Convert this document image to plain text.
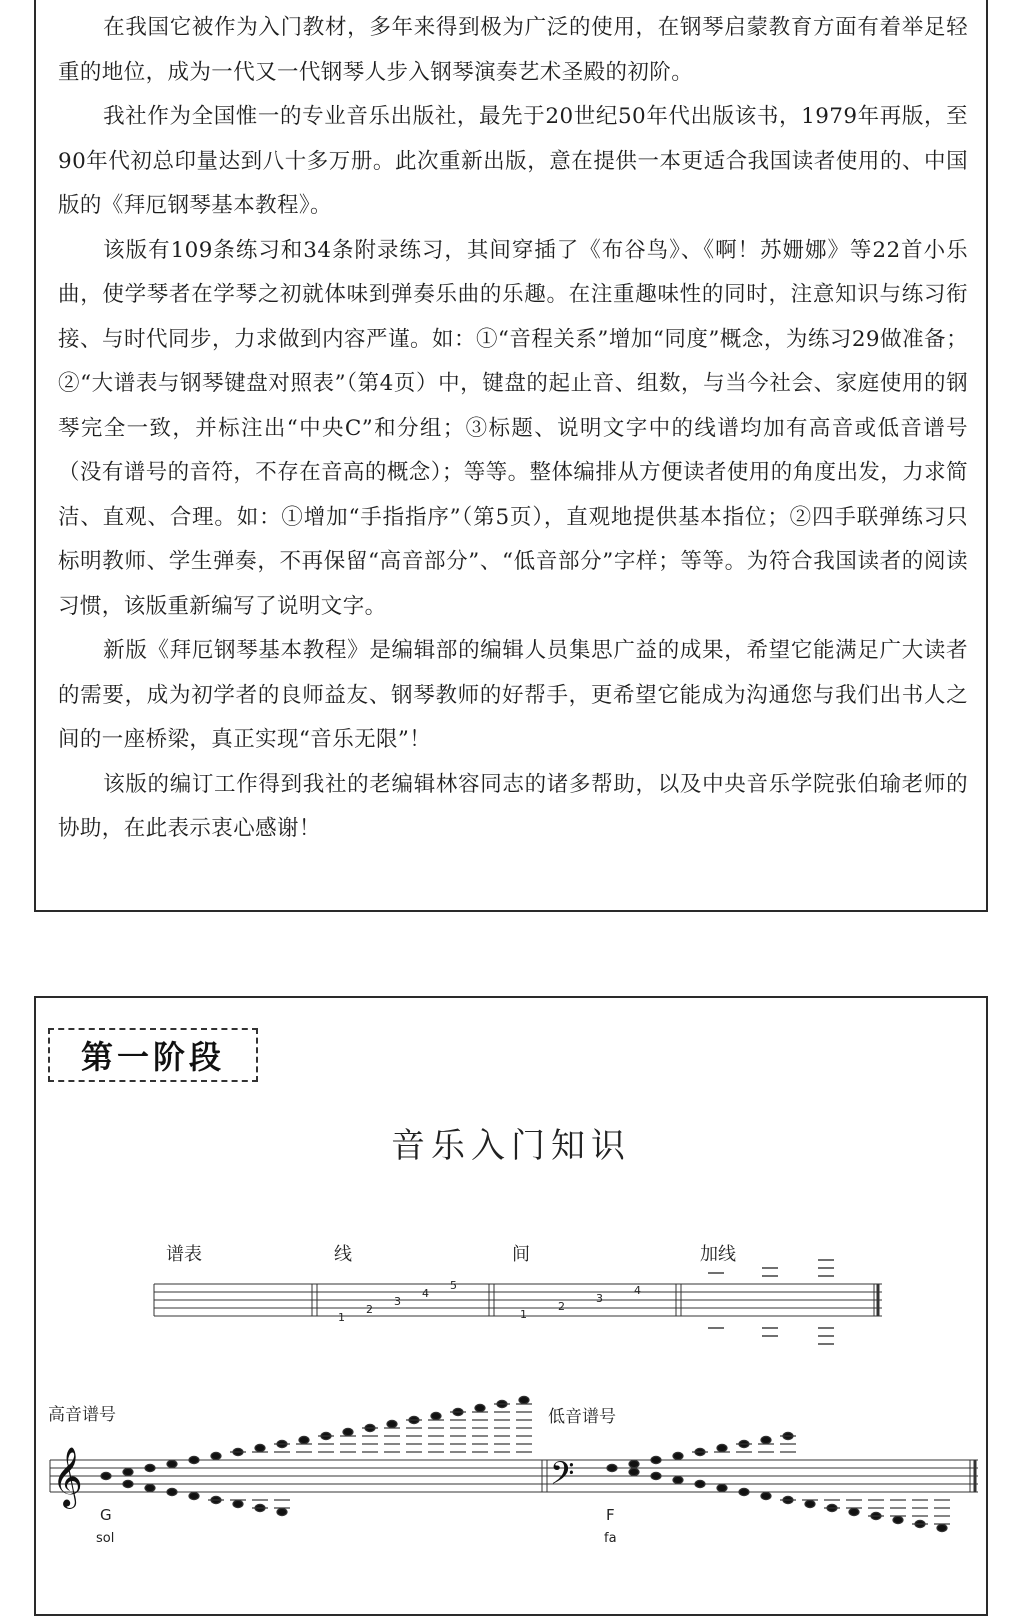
在我国它被作为入门教材，多年来得到极为广泛的使用，在钢琴启蒙教育方面有着举足轻重的地位，成为一代又一代钢琴人步入钢琴演奏艺术圣殿的初阶。

我社作为全国惟一的专业音乐出版社，最先于20世纪50年代出版该书，1979年再版，至90年代初总印量达到八十多万册。此次重新出版，意在提供一本更适合我国读者使用的、中国版的《拜厄钢琴基本教程》。

该版有109条练习和34条附录练习，其间穿插了《布谷鸟》、《啊！苏姗娜》等22首小乐曲，使学琴者在学琴之初就体味到弹奏乐曲的乐趣。在注重趣味性的同时，注意知识与练习衔接、与时代同步，力求做到内容严谨。如：①“音程关系”增加“同度”概念，为练习29做准备；②“大谱表与钢琴键盘对照表”（第4页）中，键盘的起止音、组数，与当今社会、家庭使用的钢琴完全一致，并标注出“中央C”和分组；③标题、说明文字中的线谱均加有高音或低音谱号（没有谱号的音符，不存在音高的概念）；等等。整体编排从方便读者使用的角度出发，力求简洁、直观、合理。如：①增加“手指指序”（第5页），直观地提供基本指位；②四手联弹练习只标明教师、学生弹奏，不再保留“高音部分”、“低音部分”字样；等等。为符合我国读者的阅读习惯，该版重新编写了说明文字。

新版《拜厄钢琴基本教程》是编辑部的编辑人员集思广益的成果，希望它能满足广大读者的需要，成为初学者的良师益友、钢琴教师的好帮手，更希望它能成为沟通您与我们出书人之间的一座桥梁，真正实现“音乐无限”！

该版的编订工作得到我社的老编辑林容同志的诸多帮助，以及中央音乐学院张伯瑜老师的协助，在此表示衷心感谢！

第一阶段
音乐入门知识
谱表	线	间	加线
1
2
3
4
5
1
2
3
4
高音谱号	低音谱号
𝄞	𝄢
G
sol
F
fa
